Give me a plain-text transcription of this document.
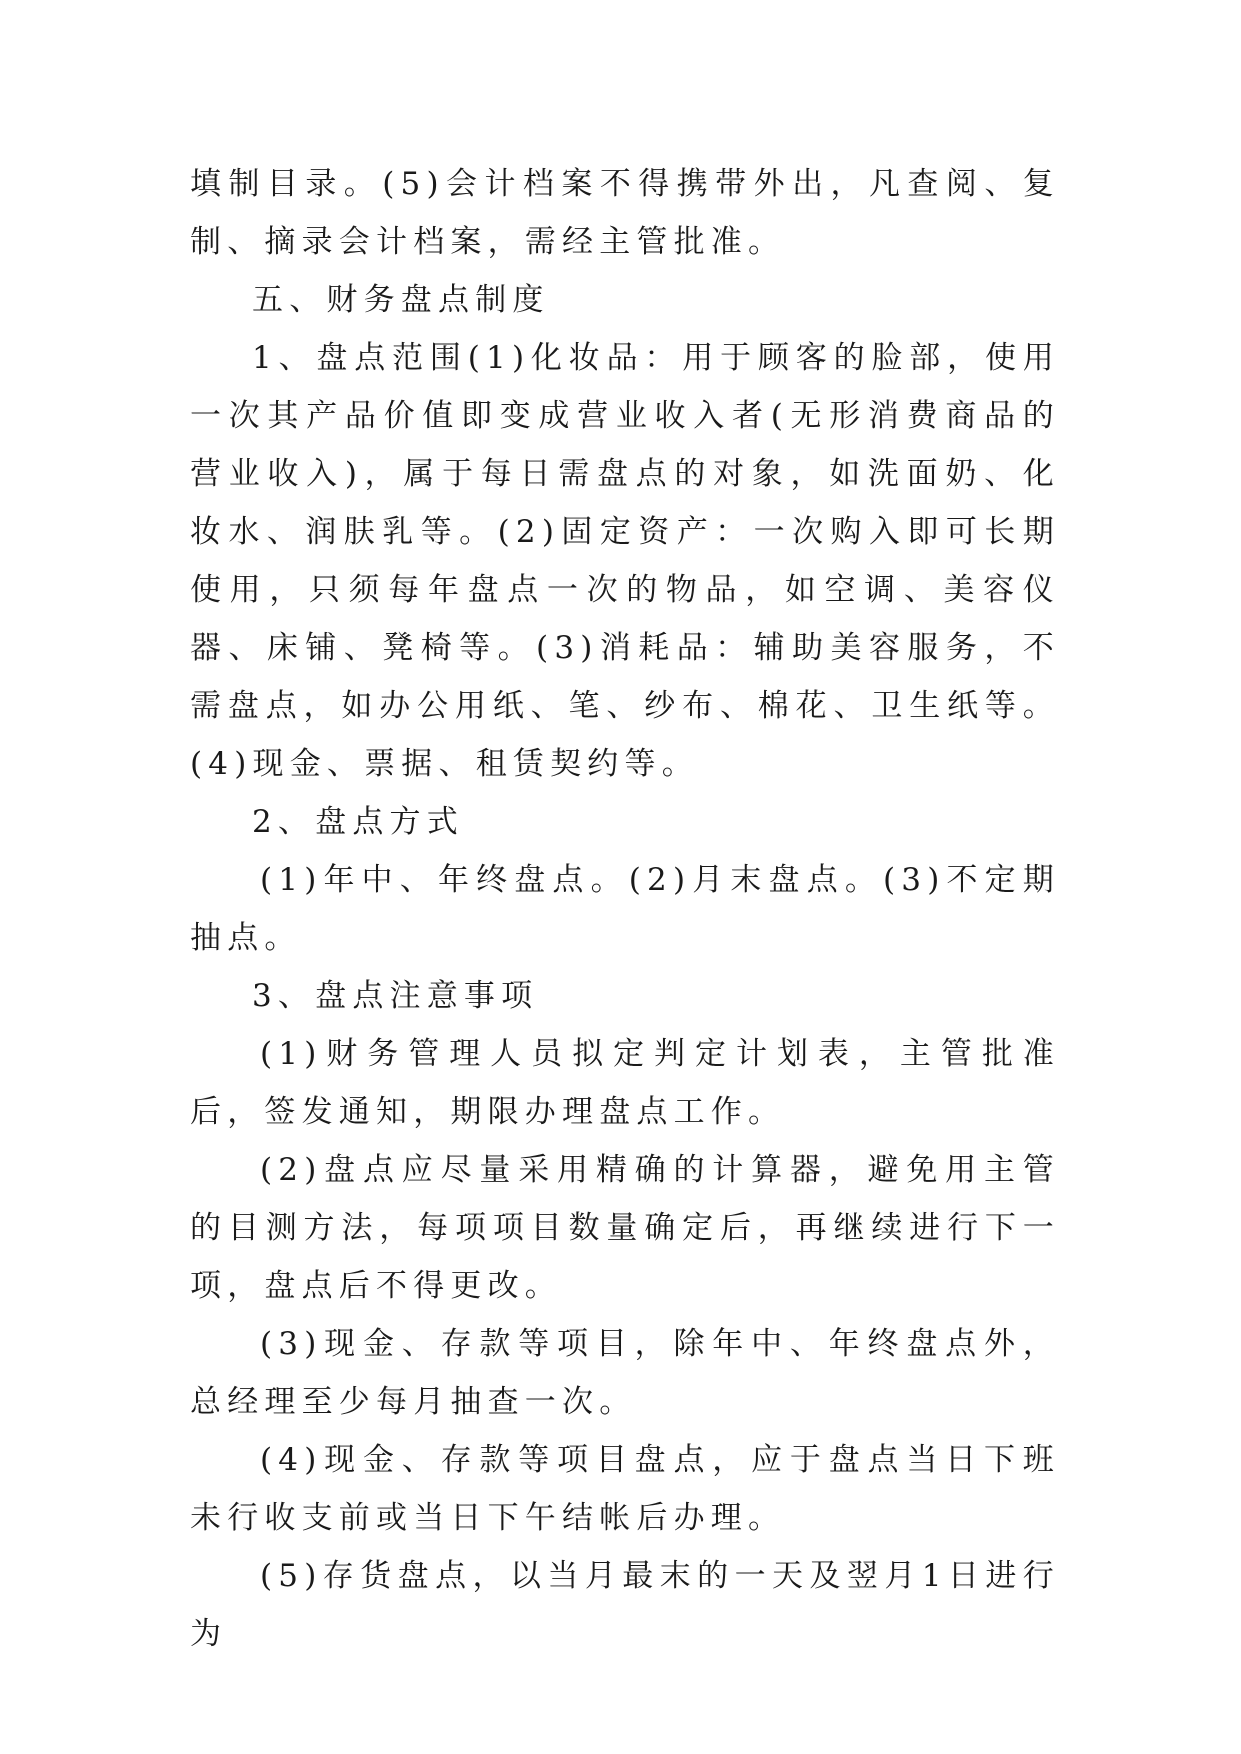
填制目录。(5)会计档案不得携带外出，凡查阅、复制、摘录会计档案，需经主管批准。

五、财务盘点制度

1、盘点范围(1)化妆品：用于顾客的脸部，使用一次其产品价值即变成营业收入者(无形消费商品的营业收入)，属于每日需盘点的对象，如洗面奶、化妆水、润肤乳等。(2)固定资产：一次购入即可长期使用，只须每年盘点一次的物品，如空调、美容仪器、床铺、凳椅等。(3)消耗品：辅助美容服务，不需盘点，如办公用纸、笔、纱布、棉花、卫生纸等。(4)现金、票据、租赁契约等。

2、盘点方式

(1)年中、年终盘点。(2)月末盘点。(3)不定期抽点。

3、盘点注意事项

(1)财务管理人员拟定判定计划表，主管批准后，签发通知，期限办理盘点工作。

(2)盘点应尽量采用精确的计算器，避免用主管的目测方法，每项项目数量确定后，再继续进行下一项，盘点后不得更改。

(3)现金、存款等项目，除年中、年终盘点外，总经理至少每月抽查一次。

(4)现金、存款等项目盘点，应于盘点当日下班未行收支前或当日下午结帐后办理。

(5)存货盘点，以当月最末的一天及翌月1日进行为
